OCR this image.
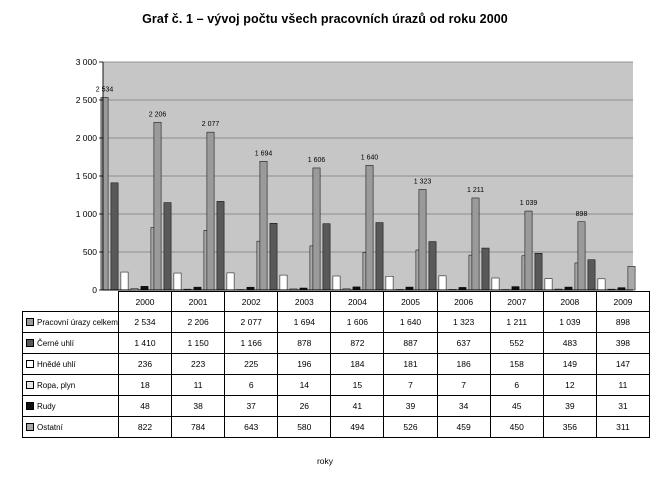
Graf č. 1 – vývoj počtu všech pracovních úrazů od roku 2000
2 534
2 206
2 077
1 694
1 606	1 640
1 323
1 211
1 039
898
0
500
1 000
1 500
2 000
2 500
3 000
	2000	2001	2002	2003	2004	2005	2006	2007	2008	2009
Pracovní úrazy celkem	2 534	2 206	2 077	1 694	1 606	1 640	1 323	1 211	1 039	898
Černé uhlí	1 410	1 150	1 166	878	872	887	637	552	483	398
Hnědé uhlí	236	223	225	196	184	181	186	158	149	147
Ropa, plyn	18	11	6	14	15	7	7	6	12	11
Rudy	48	38	37	26	41	39	34	45	39	31
Ostatní	822	784	643	580	494	526	459	450	356	311
roky
